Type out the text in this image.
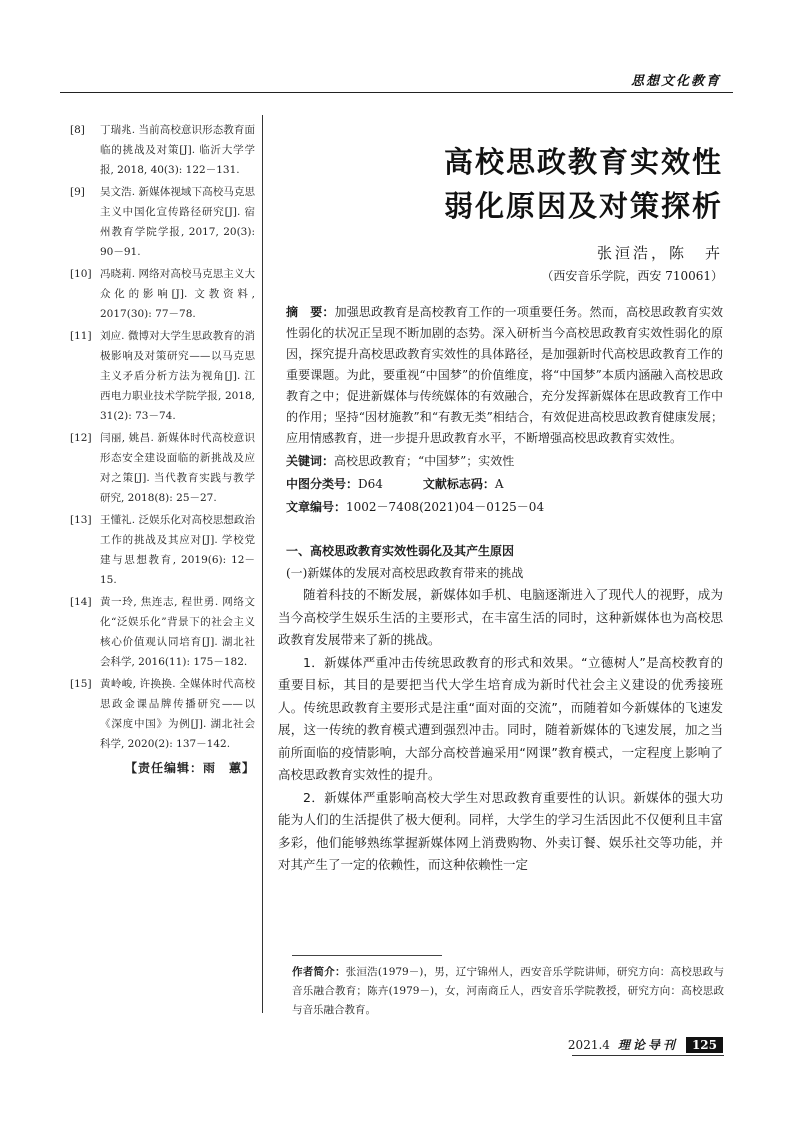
思想文化教育
[8] 丁瑞兆. 当前高校意识形态教育面临的挑战及对策[J]. 临沂大学学报, 2018, 40(3): 122－131.
[9] 吴文浩. 新媒体视域下高校马克思主义中国化宣传路径研究[J]. 宿州教育学院学报, 2017, 20(3): 90－91.
[10] 冯晓莉. 网络对高校马克思主义大众化的影响[J]. 文教资料, 2017(30): 77－78.
[11] 刘应. 微博对大学生思政教育的消极影响及对策研究——以马克思主义矛盾分析方法为视角[J]. 江西电力职业技术学院学报, 2018, 31(2): 73－74.
[12] 闫丽, 姚昌. 新媒体时代高校意识形态安全建设面临的新挑战及应对之策[J]. 当代教育实践与教学研究, 2018(8): 25－27.
[13] 王懂礼. 泛娱乐化对高校思想政治工作的挑战及其应对[J]. 学校党建与思想教育, 2019(6): 12－15.
[14] 黄一玲, 焦连志, 程世勇. 网络文化“泛娱乐化”背景下的社会主义核心价值观认同培育[J]. 湖北社会科学, 2016(11): 175－182.
[15] 黄岭峻, 许换换. 全媒体时代高校思政金课品牌传播研究——以《深度中国》为例[J]. 湖北社会科学, 2020(2): 137－142.
【责任编辑：雨　蕙】
高校思政教育实效性
弱化原因及对策探析
张洹浩，陈　卉
（西安音乐学院，西安 710061）
摘　要：加强思政教育是高校教育工作的一项重要任务。然而，高校思政教育实效性弱化的状况正呈现不断加剧的态势。深入研析当今高校思政教育实效性弱化的原因，探究提升高校思政教育实效性的具体路径，是加强新时代高校思政教育工作的重要课题。为此，要重视“中国梦”的价值维度，将“中国梦”本质内涵融入高校思政教育之中；促进新媒体与传统媒体的有效融合，充分发挥新媒体在思政教育工作中的作用；坚持“因材施教”和“有教无类”相结合，有效促进高校思政教育健康发展；应用情感教育，进一步提升思政教育水平，不断增强高校思政教育实效性。
关键词：高校思政教育；“中国梦”；实效性
中图分类号：D64	文献标志码：A
文章编号：1002－7408(2021)04－0125－04
一、高校思政教育实效性弱化及其产生原因
(一)新媒体的发展对高校思政教育带来的挑战

随着科技的不断发展，新媒体如手机、电脑逐渐进入了现代人的视野，成为当今高校学生娱乐生活的主要形式，在丰富生活的同时，这种新媒体也为高校思政教育发展带来了新的挑战。

1．新媒体严重冲击传统思政教育的形式和效果。“立德树人”是高校教育的重要目标，其目的是要把当代大学生培育成为新时代社会主义建设的优秀接班人。传统思政教育主要形式是注重“面对面的交流”，而随着如今新媒体的飞速发展，这一传统的教育模式遭到强烈冲击。同时，随着新媒体的飞速发展，加之当前所面临的疫情影响，大部分高校普遍采用“网课”教育模式，一定程度上影响了高校思政教育实效性的提升。

2．新媒体严重影响高校大学生对思政教育重要性的认识。新媒体的强大功能为人们的生活提供了极大便利。同样，大学生的学习生活因此不仅便利且丰富多彩，他们能够熟练掌握新媒体网上消费购物、外卖订餐、娱乐社交等功能，并对其产生了一定的依赖性，而这种依赖性一定

作者简介：张洹浩(1979－)，男，辽宁锦州人，西安音乐学院讲师，研究方向：高校思政与音乐融合教育；陈卉(1979－)，女，河南商丘人，西安音乐学院教授，研究方向：高校思政与音乐融合教育。
2021.4 理论导刊	125
